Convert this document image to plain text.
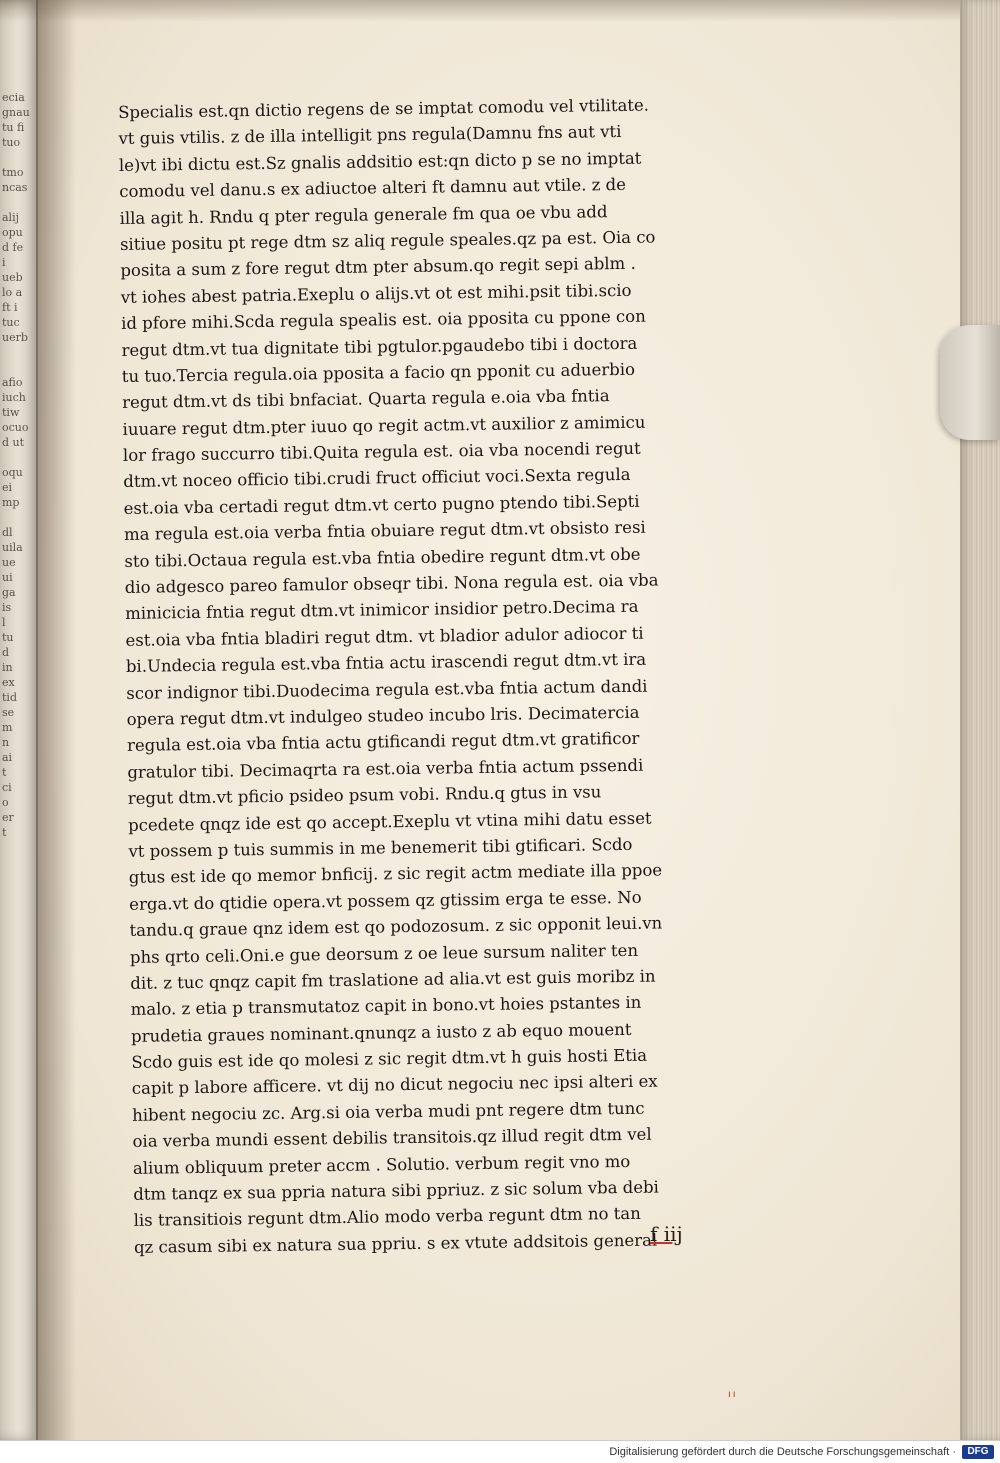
ecia
gnau
tu fi
tuo

tmo
ncas

alij
opu
d fe
i
ueb
lo a
ft i
tuc
uerb

afio
iuch
tiw
ocuo
d ut

oqu
ei
mp

dl
uila
ue
ui
ga
is
l
tu
d
in
ex
tid
se
m
n
ai
t
ci
o
er
t
Specialis est.qn dictio regens de se imptat comodu vel vtilitate.
vt guis vtilis. z de illa intelligit pns regula(Damnu fns aut vti
le)vt ibi dictu est.Sz gnalis addsitio est:qn dicto p se no imptat
comodu vel danu.s ex adiuctoe alteri ft damnu aut vtile. z de
illa agit h. Rndu q pter regula generale fm qua oe vbu add
sitiue positu pt rege dtm sz aliq regule speales.qz pa est. Oia co
posita a sum z fore regut dtm pter absum.qo regit sepi ablm .
vt iohes abest patria.Exeplu o alijs.vt ot est mihi.psit tibi.scio
id pfore mihi.Scda regula spealis est. oia pposita cu ppone con
regut dtm.vt tua dignitate tibi pgtulor.pgaudebo tibi i doctora
tu tuo.Tercia regula.oia pposita a facio qn pponit cu aduerbio
regut dtm.vt ds tibi bnfaciat. Quarta regula e.oia vba fntia
iuuare regut dtm.pter iuuo qo regit actm.vt auxilior z amimicu
lor frago succurro tibi.Quita regula est. oia vba nocendi regut
dtm.vt noceo officio tibi.crudi fruct officiut voci.Sexta regula
est.oia vba certadi regut dtm.vt certo pugno ptendo tibi.Septi
ma regula est.oia verba fntia obuiare regut dtm.vt obsisto resi
sto tibi.Octaua regula est.vba fntia obedire regunt dtm.vt obe
dio adgesco pareo famulor obseqr tibi. Nona regula est. oia vba
minicicia fntia regut dtm.vt inimicor insidior petro.Decima ra
est.oia vba fntia bladiri regut dtm. vt bladior adulor adiocor ti
bi.Undecia regula est.vba fntia actu irascendi regut dtm.vt ira
scor indignor tibi.Duodecima regula est.vba fntia actum dandi
opera regut dtm.vt indulgeo studeo incubo lris. Decimatercia
regula est.oia vba fntia actu gtificandi regut dtm.vt gratificor
gratulor tibi. Decimaqrta ra est.oia verba fntia actum pssendi
regut dtm.vt pficio psideo psum vobi. Rndu.q gtus in vsu
pcedete qnqz ide est qo accept.Exeplu vt vtina mihi datu esset
vt possem p tuis summis in me benemerit tibi gtificari. Scdo
gtus est ide qo memor bnficij. z sic regit actm mediate illa ppoe
erga.vt do qtidie opera.vt possem qz gtissim erga te esse. No
tandu.q graue qnz idem est qo podozosum. z sic opponit leui.vn
phs qrto celi.Oni.e gue deorsum z oe leue sursum naliter ten
dit. z tuc qnqz capit fm traslatione ad alia.vt est guis moribz in
malo. z etia p transmutatoz capit in bono.vt hoies pstantes in
prudetia graues nominant.qnunqz a iusto z ab equo mouent
Scdo guis est ide qo molesi z sic regit dtm.vt h guis hosti Etia
capit p labore afficere. vt dij no dicut negociu nec ipsi alteri ex
hibent negociu zc. Arg.si oia verba mudi pnt regere dtm tunc
oia verba mundi essent debilis transitois.qz illud regit dtm vel
alium obliquum preter accm . Solutio. verbum regit vno mo
dtm tanqz ex sua ppria natura sibi ppriuz. z sic solum vba debi
lis transitiois regunt dtm.Alio modo verba regunt dtm no tan
qz casum sibi ex natura sua ppriu. s ex vtute addsitois general
f iij
ıı
Digitalisierung gefördert durch die Deutsche Forschungsgemeinschaft ·	DFG
